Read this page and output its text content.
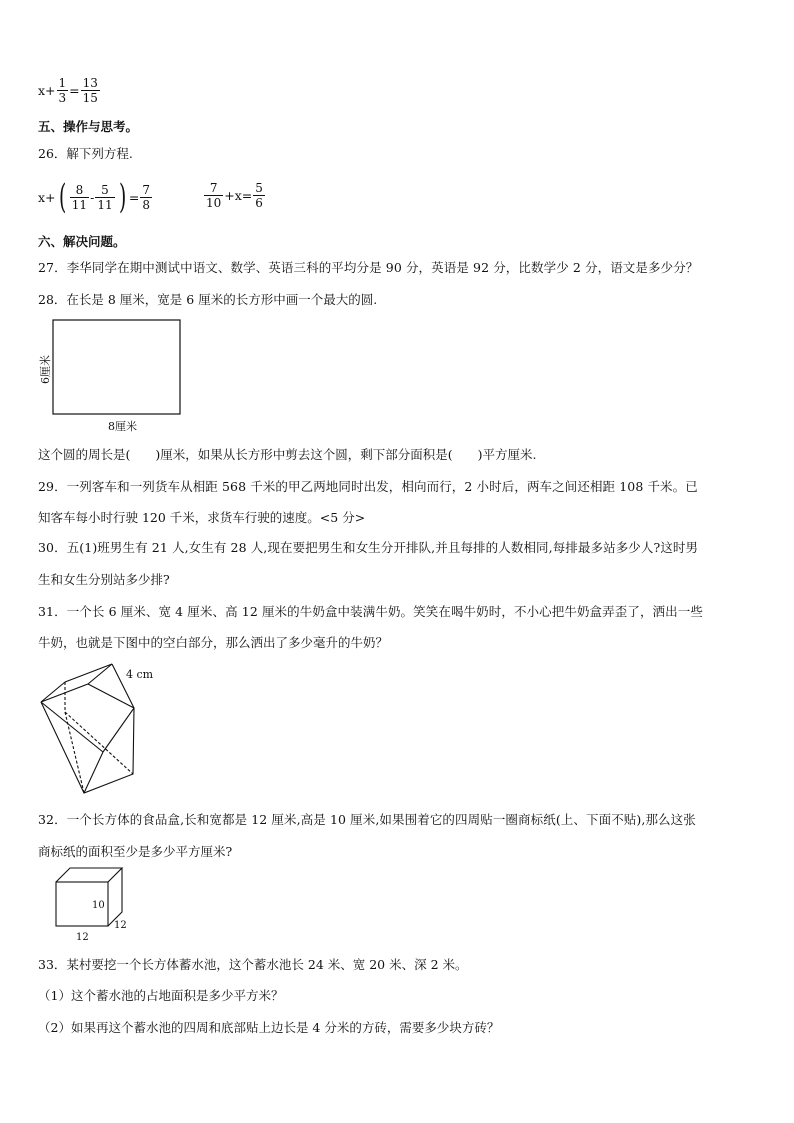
$x+ \frac{1}{3} = \frac{13}{15}$
五、操作与思考。
26．解下列方程.
x+ ( $\frac{8}{11} - \frac{5}{11}$ ) = $\frac{7}{8}$	$\frac{7}{10} +x= \frac{5}{6}$
六、解决问题。
27．李华同学在期中测试中语文、数学、英语三科的平均分是 90 分，英语是 92 分，比数学少 2 分，语文是多少分？
28．在长是 8 厘米，宽是 6 厘米的长方形中画一个最大的圆.
8厘米
6厘米
这个圆的周长是(　　)厘米，如果从长方形中剪去这个圆，剩下部分面积是(　　)平方厘米.
29．一列客车和一列货车从相距 568 千米的甲乙两地同时出发，相向而行，2 小时后，两车之间还相距 108 千米。已
知客车每小时行驶 120 千米，求货车行驶的速度。<5 分>
30．五(1)班男生有 21 人,女生有 28 人,现在要把男生和女生分开排队,并且每排的人数相同,每排最多站多少人?这时男
生和女生分别站多少排?
31．一个长 6 厘米、宽 4 厘米、高 12 厘米的牛奶盒中装满牛奶。笑笑在喝牛奶时，不小心把牛奶盒弄歪了，洒出一些
牛奶，也就是下图中的空白部分，那么洒出了多少毫升的牛奶？
4 cm
32．一个长方体的食品盒,长和宽都是 12 厘米,高是 10 厘米,如果围着它的四周贴一圈商标纸(上、下面不贴),那么这张
商标纸的面积至少是多少平方厘米?
10
12
12
33．某村要挖一个长方体蓄水池，这个蓄水池长 24 米、宽 20 米、深 2 米。
（1）这个蓄水池的占地面积是多少平方米？
（2）如果再这个蓄水池的四周和底部贴上边长是 4 分米的方砖，需要多少块方砖？
